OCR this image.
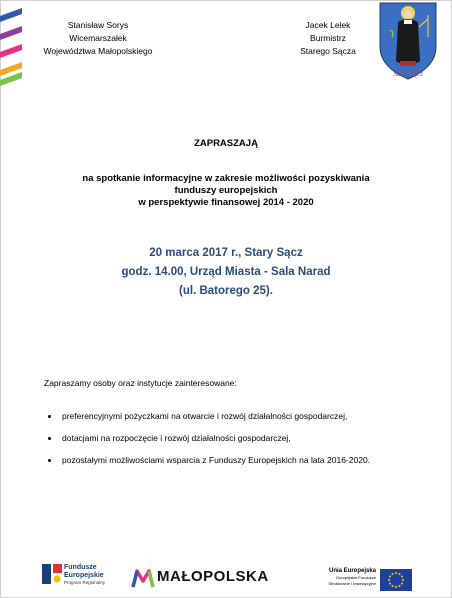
Stanisław Sorys
Wicemarszałek
Województwa Małopolskiego
Jacek Lelek
Burmistrz
Starego Sącza
Stary Sącz
ZAPRASZAJĄ
na spotkanie informacyjne w zakresie możliwości pozyskiwania
funduszy europejskich
w perspektywie finansowej 2014 - 2020
20 marca 2017 r., Stary Sącz
godz. 14.00, Urząd Miasta - Sala Narad
(ul. Batorego 25).
Zapraszamy osoby oraz instytucje zainteresowane:
preferencyjnymi pożyczkami na otwarcie i rozwój działalności gospodarczej,
dotacjami na rozpoczęcie i rozwój działalności gospodarczej,
pozostałymi możliwościami wsparcia z Funduszy Europejskich na lata 2016-2020.
Fundusze
Europejskie
Program Regionalny	MAŁOPOLSKA	Unia Europejska
Europejskie Fundusze
Strukturalne i Inwestycyjne
